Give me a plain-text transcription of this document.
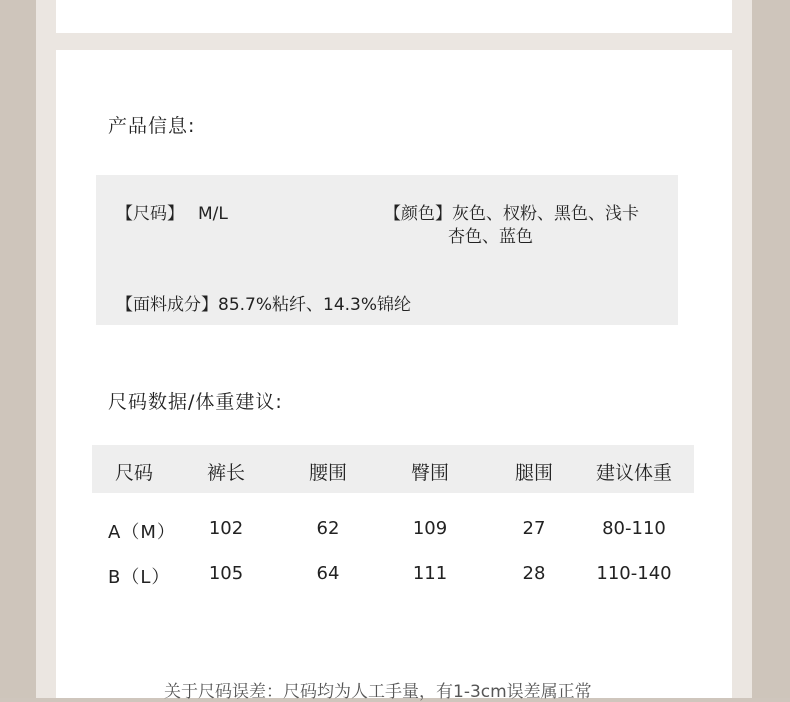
产品信息:
【尺码】 M/L	【颜色】灰色、杈粉、黑色、浅卡
杏色、蓝色
【面料成分】85.7%粘纤、14.3%锦纶
尺码数据/体重建议:
尺码	裤长	腰围	臀围	腿围	建议体重
A（M）	102	62	109	27	80-110
B（L）	105	64	111	28	110-140
关于尺码误差：尺码均为人工手量，有1-3cm误差属正常
